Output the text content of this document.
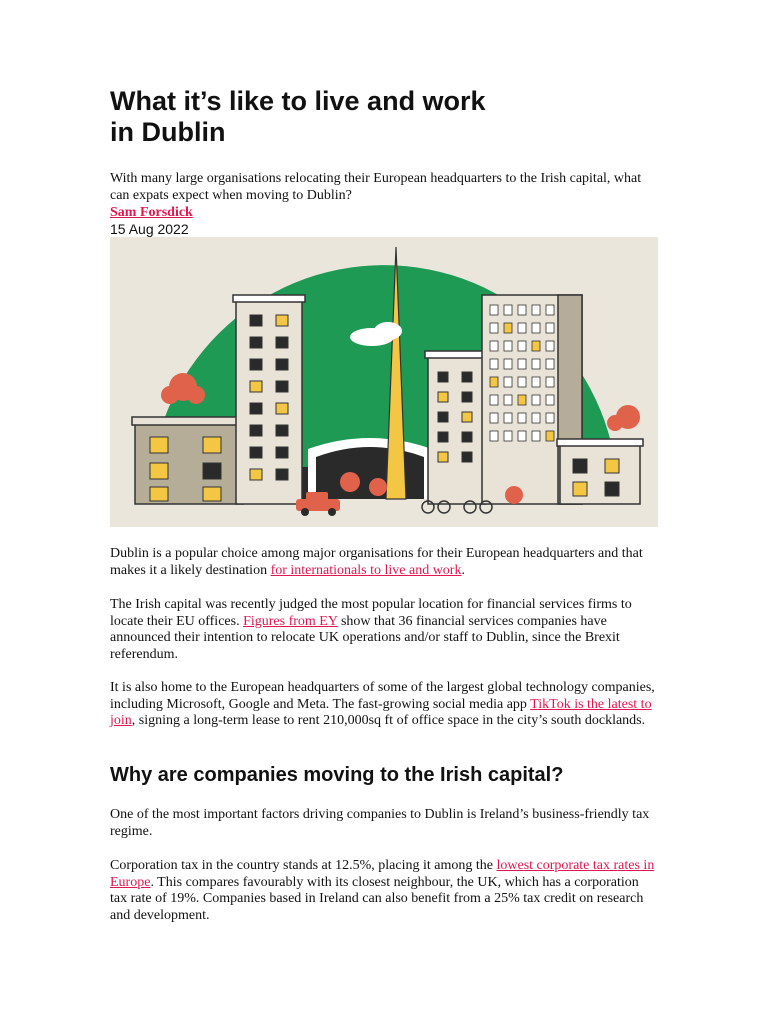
What it’s like to live and work
in Dublin

With many large organisations relocating their European headquarters to the Irish capital, what can expats expect when moving to Dublin?

Sam Forsdick
15 Aug 2022

Dublin is a popular choice among major organisations for their European headquarters and that makes it a likely destination for internationals to live and work.

The Irish capital was recently judged the most popular location for financial services firms to locate their EU offices. Figures from EY show that 36 financial services companies have announced their intention to relocate UK operations and/or staff to Dublin, since the Brexit referendum.

It is also home to the European headquarters of some of the largest global technology companies, including Microsoft, Google and Meta. The fast-growing social media app TikTok is the latest to join, signing a long-term lease to rent 210,000sq ft of office space in the city’s south docklands.

Why are companies moving to the Irish capital?

One of the most important factors driving companies to Dublin is Ireland’s business-friendly tax regime.

Corporation tax in the country stands at 12.5%, placing it among the lowest corporate tax rates in Europe. This compares favourably with its closest neighbour, the UK, which has a corporation tax rate of 19%. Companies based in Ireland can also benefit from a 25% tax credit on research and development.
